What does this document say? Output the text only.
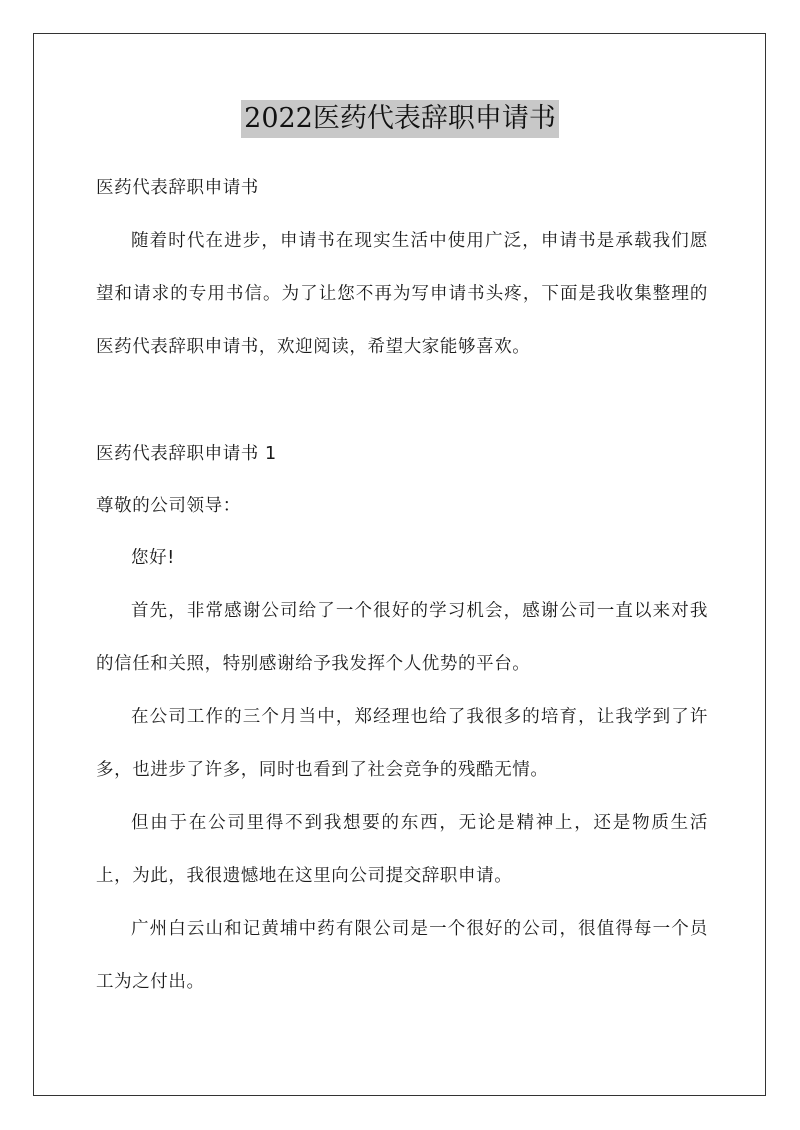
2022医药代表辞职申请书

医药代表辞职申请书

随着时代在进步，申请书在现实生活中使用广泛，申请书是承载我们愿望和请求的专用书信。为了让您不再为写申请书头疼，下面是我收集整理的医药代表辞职申请书，欢迎阅读，希望大家能够喜欢。

医药代表辞职申请书 1

尊敬的公司领导：

您好!

首先，非常感谢公司给了一个很好的学习机会，感谢公司一直以来对我的信任和关照，特别感谢给予我发挥个人优势的平台。

在公司工作的三个月当中，郑经理也给了我很多的培育，让我学到了许多，也进步了许多，同时也看到了社会竞争的残酷无情。

但由于在公司里得不到我想要的东西，无论是精神上，还是物质生活上，为此，我很遗憾地在这里向公司提交辞职申请。

广州白云山和记黄埔中药有限公司是一个很好的公司，很值得每一个员工为之付出。
